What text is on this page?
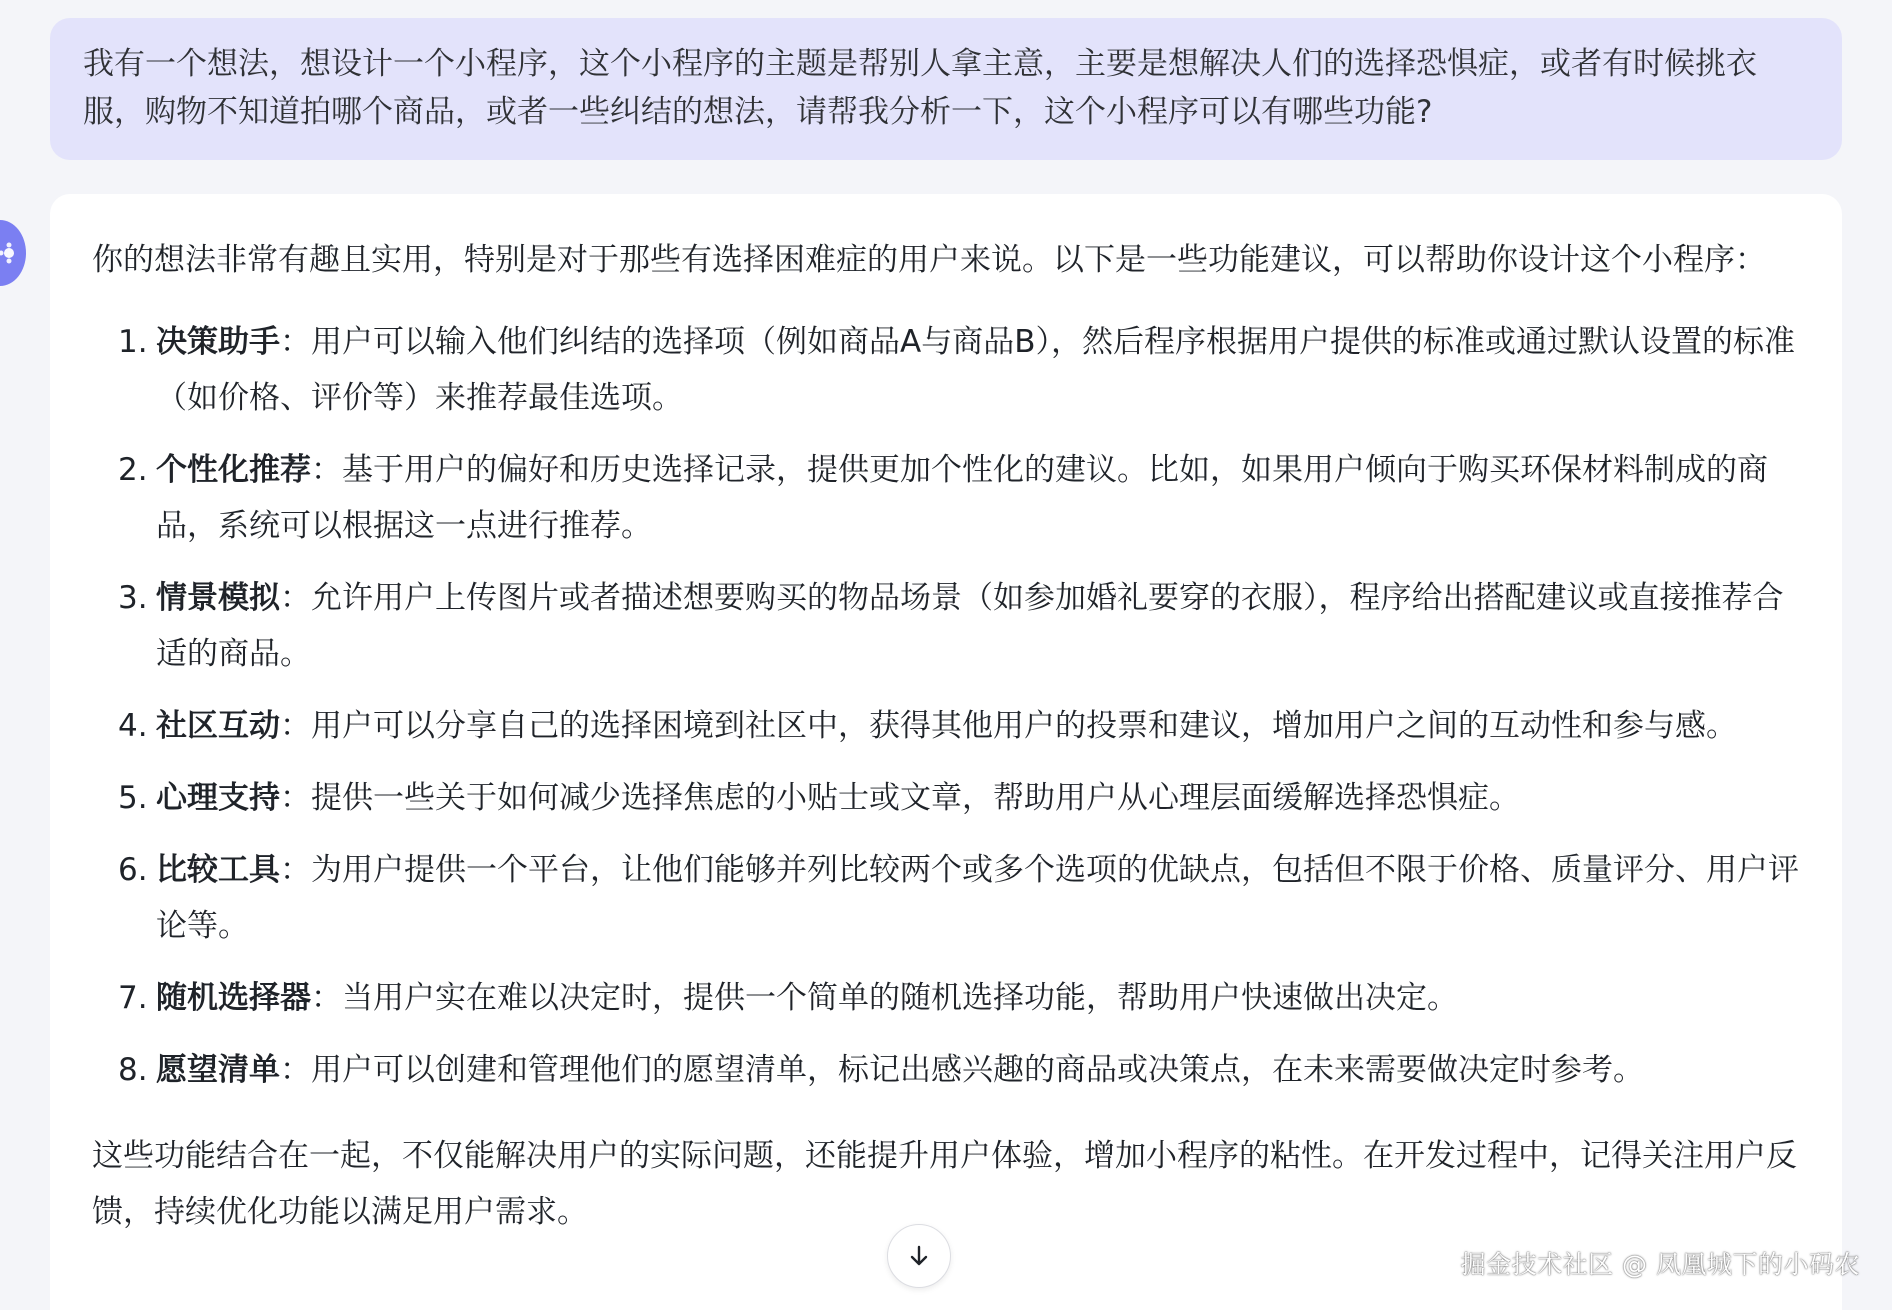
我有一个想法，想设计一个小程序，这个小程序的主题是帮别人拿主意，主要是想解决人们的选择恐惧症，或者有时候挑衣服，购物不知道拍哪个商品，或者一些纠结的想法，请帮我分析一下，这个小程序可以有哪些功能?

你的想法非常有趣且实用，特别是对于那些有选择困难症的用户来说。以下是一些功能建议，可以帮助你设计这个小程序：

1. 决策助手：用户可以输入他们纠结的选择项（例如商品A与商品B），然后程序根据用户提供的标准或通过默认设置的标准（如价格、评价等）来推荐最佳选项。
2. 个性化推荐：基于用户的偏好和历史选择记录，提供更加个性化的建议。比如，如果用户倾向于购买环保材料制成的商品，系统可以根据这一点进行推荐。
3. 情景模拟：允许用户上传图片或者描述想要购买的物品场景（如参加婚礼要穿的衣服），程序给出搭配建议或直接推荐合适的商品。
4. 社区互动：用户可以分享自己的选择困境到社区中，获得其他用户的投票和建议，增加用户之间的互动性和参与感。
5. 心理支持：提供一些关于如何减少选择焦虑的小贴士或文章，帮助用户从心理层面缓解选择恐惧症。
6. 比较工具：为用户提供一个平台，让他们能够并列比较两个或多个选项的优缺点，包括但不限于价格、质量评分、用户评论等。
7. 随机选择器：当用户实在难以决定时，提供一个简单的随机选择功能，帮助用户快速做出决定。
8. 愿望清单：用户可以创建和管理他们的愿望清单，标记出感兴趣的商品或决策点，在未来需要做决定时参考。

这些功能结合在一起，不仅能解决用户的实际问题，还能提升用户体验，增加小程序的粘性。在开发过程中，记得关注用户反馈，持续优化功能以满足用户需求。

掘金技术社区 @ 凤凰城下的小码农
